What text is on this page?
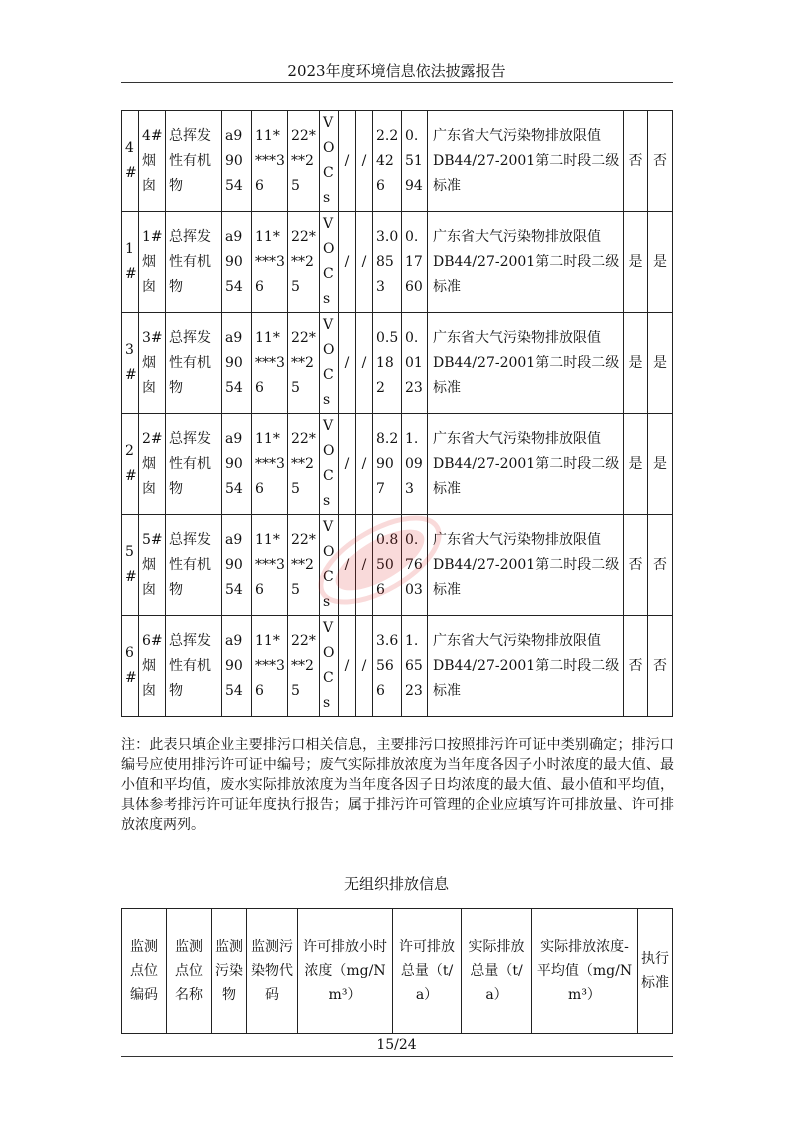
2023年度环境信息依法披露报告
4#	4#烟囱	总挥发性有机物	a99054	11****36	22***25	VOCs	/	/	2.2426	0.5194	广东省大气污染物排放限值 DB44/27-2001第二时段二级标准	否	否
1#	1#烟囱	总挥发性有机物	a99054	11****36	22***25	VOCs	/	/	3.0853	0.1760	广东省大气污染物排放限值 DB44/27-2001第二时段二级标准	是	是
3#	3#烟囱	总挥发性有机物	a99054	11****36	22***25	VOCs	/	/	0.5182	0.0123	广东省大气污染物排放限值 DB44/27-2001第二时段二级标准	是	是
2#	2#烟囱	总挥发性有机物	a99054	11****36	22***25	VOCs	/	/	8.2907	1.093	广东省大气污染物排放限值 DB44/27-2001第二时段二级标准	是	是
5#	5#烟囱	总挥发性有机物	a99054	11****36	22***25	VOCs	/	/	0.8506	0.7603	广东省大气污染物排放限值 DB44/27-2001第二时段二级标准	否	否
6#	6#烟囱	总挥发性有机物	a99054	11****36	22***25	VOCs	/	/	3.6566	1.6523	广东省大气污染物排放限值 DB44/27-2001第二时段二级标准	否	否
注：此表只填企业主要排污口相关信息，主要排污口按照排污许可证中类别确定；排污口编号应使用排污许可证中编号；废气实际排放浓度为当年度各因子小时浓度的最大值、最小值和平均值，废水实际排放浓度为当年度各因子日均浓度的最大值、最小值和平均值， 具体参考排污许可证年度执行报告；属于排污许可管理的企业应填写许可排放量、许可排放浓度两列。
无组织排放信息
监测点位编码	监测点位名称	监测污染物	监测污染物代码	许可排放小时浓度（mg/Nm³）	许可排放总量（t/a）	实际排放总量（t/a）	实际排放浓度-平均值（mg/Nm³）	执行标准
15/24
